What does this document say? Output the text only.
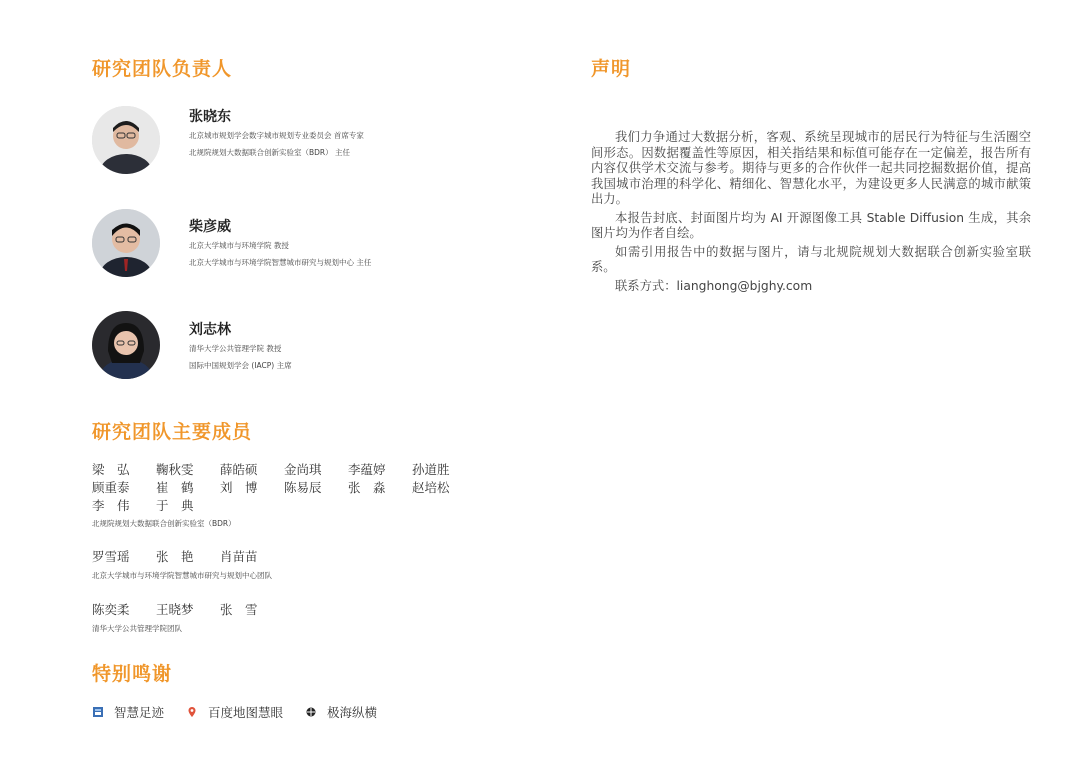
研究团队负责人
张晓东
北京城市规划学会数字城市规划专业委员会 首席专家
北规院规划大数据联合创新实验室（BDR） 主任
柴彦威
北京大学城市与环境学院 教授
北京大学城市与环境学院智慧城市研究与规划中心 主任
刘志林
清华大学公共管理学院 教授
国际中国规划学会 (IACP) 主席
研究团队主要成员
梁　弘	鞠秋雯	薛皓硕	金尚琪	李蕴婷	孙道胜
顾重泰	崔　鹤	刘　博	陈易辰	张　淼	赵培松
李　伟	于　典
北规院规划大数据联合创新实验室（BDR）
罗雪瑶	张　艳	肖苗苗
北京大学城市与环境学院智慧城市研究与规划中心团队
陈奕柔	王晓梦	张　雪
清华大学公共管理学院团队
特别鸣谢
智慧足迹	百度地图慧眼	极海纵横
声明

我们力争通过大数据分析，客观、系统呈现城市的居民行为特征与生活圈空间形态。因数据覆盖性等原因，相关指结果和标值可能存在一定偏差，报告所有内容仅供学术交流与参考。期待与更多的合作伙伴一起共同挖掘数据价值，提高我国城市治理的科学化、精细化、智慧化水平，为建设更多人民满意的城市献策出力。

本报告封底、封面图片均为 AI 开源图像工具 Stable Diffusion 生成，其余图片均为作者自绘。

如需引用报告中的数据与图片，请与北规院规划大数据联合创新实验室联系。

联系方式：lianghong@bjghy.com
